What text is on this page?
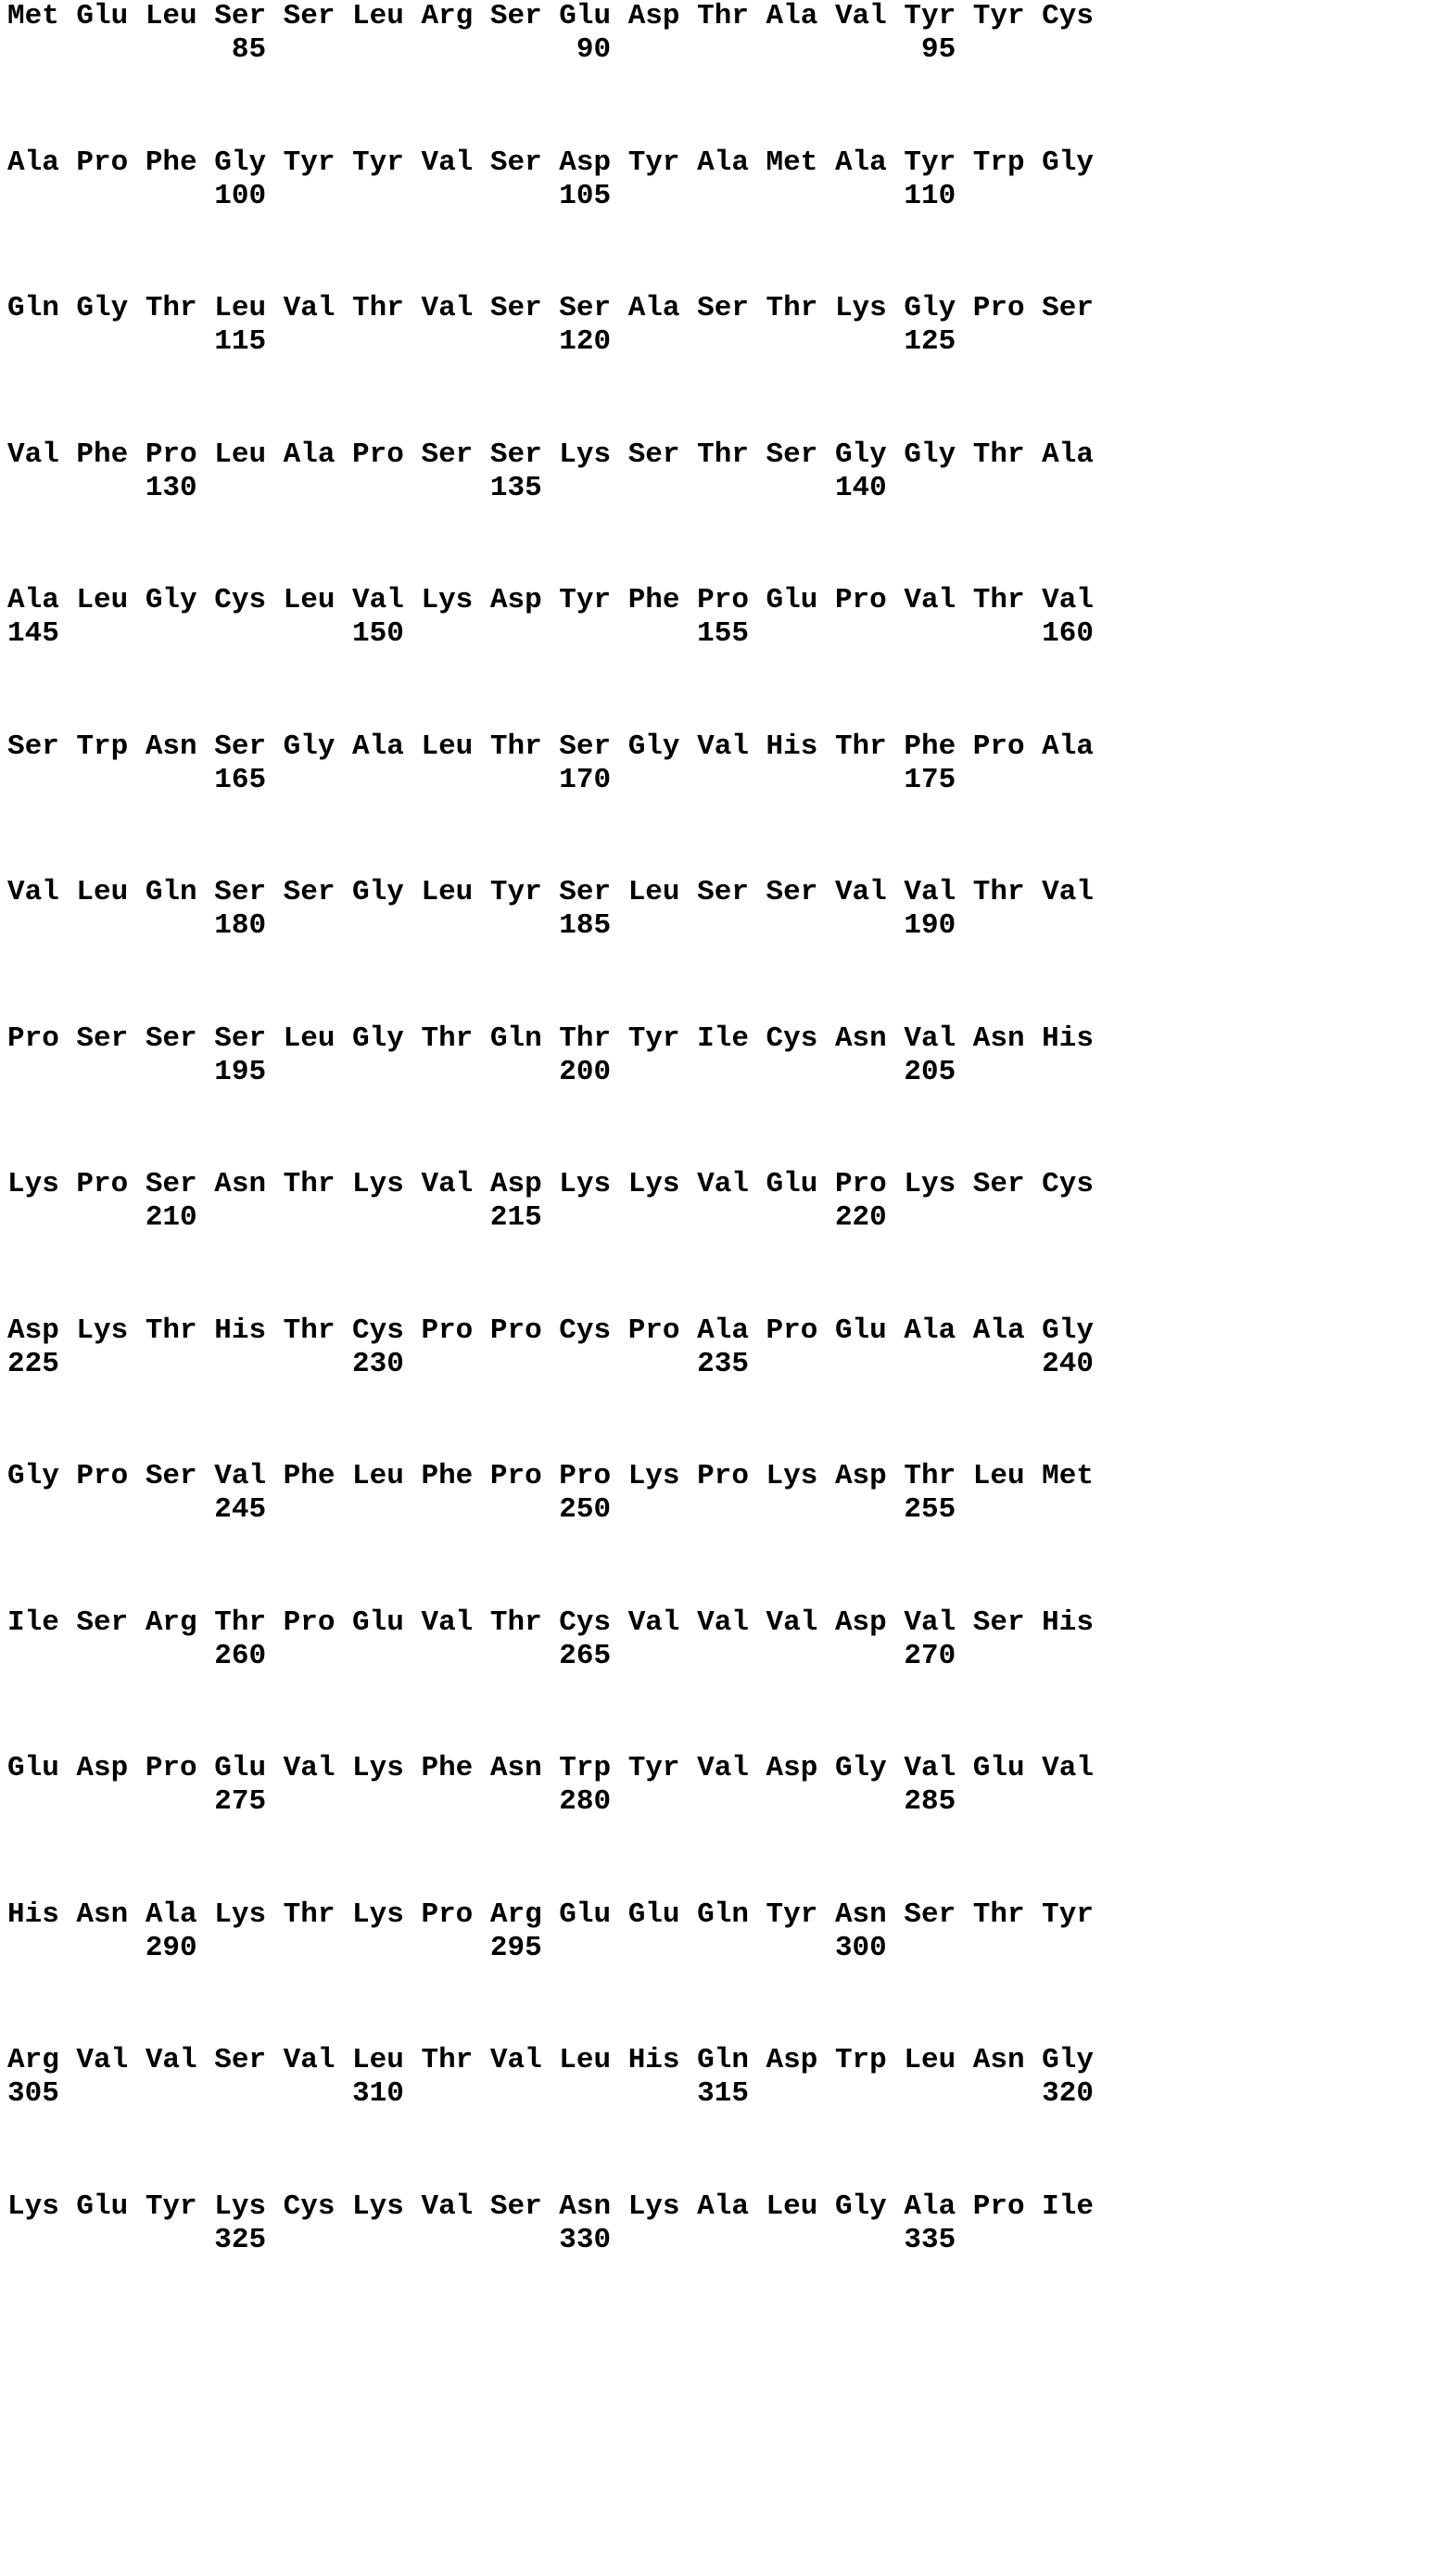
Met Glu Leu Ser Ser Leu Arg Ser Glu Asp Thr Ala Val Tyr Tyr Cys
85                  90                  95
Ala Pro Phe Gly Tyr Tyr Val Ser Asp Tyr Ala Met Ala Tyr Trp Gly
100                 105                 110
Gln Gly Thr Leu Val Thr Val Ser Ser Ala Ser Thr Lys Gly Pro Ser
115                 120                 125
Val Phe Pro Leu Ala Pro Ser Ser Lys Ser Thr Ser Gly Gly Thr Ala
130                 135                 140
Ala Leu Gly Cys Leu Val Lys Asp Tyr Phe Pro Glu Pro Val Thr Val
145                 150                 155                 160
Ser Trp Asn Ser Gly Ala Leu Thr Ser Gly Val His Thr Phe Pro Ala
165                 170                 175
Val Leu Gln Ser Ser Gly Leu Tyr Ser Leu Ser Ser Val Val Thr Val
180                 185                 190
Pro Ser Ser Ser Leu Gly Thr Gln Thr Tyr Ile Cys Asn Val Asn His
195                 200                 205
Lys Pro Ser Asn Thr Lys Val Asp Lys Lys Val Glu Pro Lys Ser Cys
210                 215                 220
Asp Lys Thr His Thr Cys Pro Pro Cys Pro Ala Pro Glu Ala Ala Gly
225                 230                 235                 240
Gly Pro Ser Val Phe Leu Phe Pro Pro Lys Pro Lys Asp Thr Leu Met
245                 250                 255
Ile Ser Arg Thr Pro Glu Val Thr Cys Val Val Val Asp Val Ser His
260                 265                 270
Glu Asp Pro Glu Val Lys Phe Asn Trp Tyr Val Asp Gly Val Glu Val
275                 280                 285
His Asn Ala Lys Thr Lys Pro Arg Glu Glu Gln Tyr Asn Ser Thr Tyr
290                 295                 300
Arg Val Val Ser Val Leu Thr Val Leu His Gln Asp Trp Leu Asn Gly
305                 310                 315                 320
Lys Glu Tyr Lys Cys Lys Val Ser Asn Lys Ala Leu Gly Ala Pro Ile
325                 330                 335
